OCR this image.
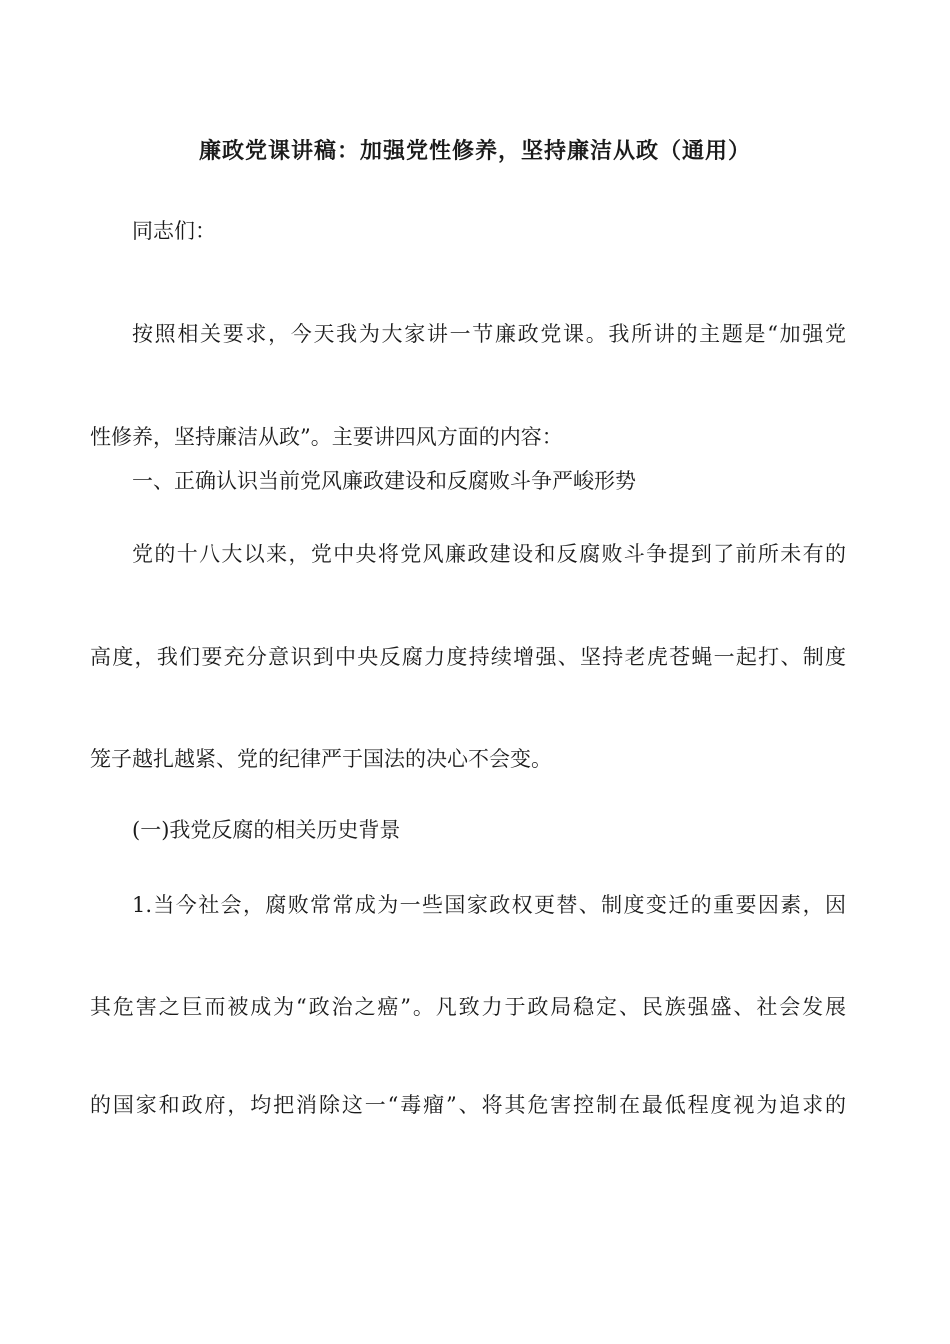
廉政党课讲稿：加强党性修养，坚持廉洁从政（通用）
同志们：
按照相关要求，今天我为大家讲一节廉政党课。我所讲的主题是“加强党
性修养，坚持廉洁从政”。主要讲四风方面的内容：
一、正确认识当前党风廉政建设和反腐败斗争严峻形势
党的十八大以来，党中央将党风廉政建设和反腐败斗争提到了前所未有的
高度，我们要充分意识到中央反腐力度持续增强、坚持老虎苍蝇一起打、制度
笼子越扎越紧、党的纪律严于国法的决心不会变。
(一)我党反腐的相关历史背景
1.当今社会，腐败常常成为一些国家政权更替、制度变迁的重要因素，因
其危害之巨而被成为“政治之癌”。凡致力于政局稳定、民族强盛、社会发展
的国家和政府，均把消除这一“毒瘤”、将其危害控制在最低程度视为追求的
